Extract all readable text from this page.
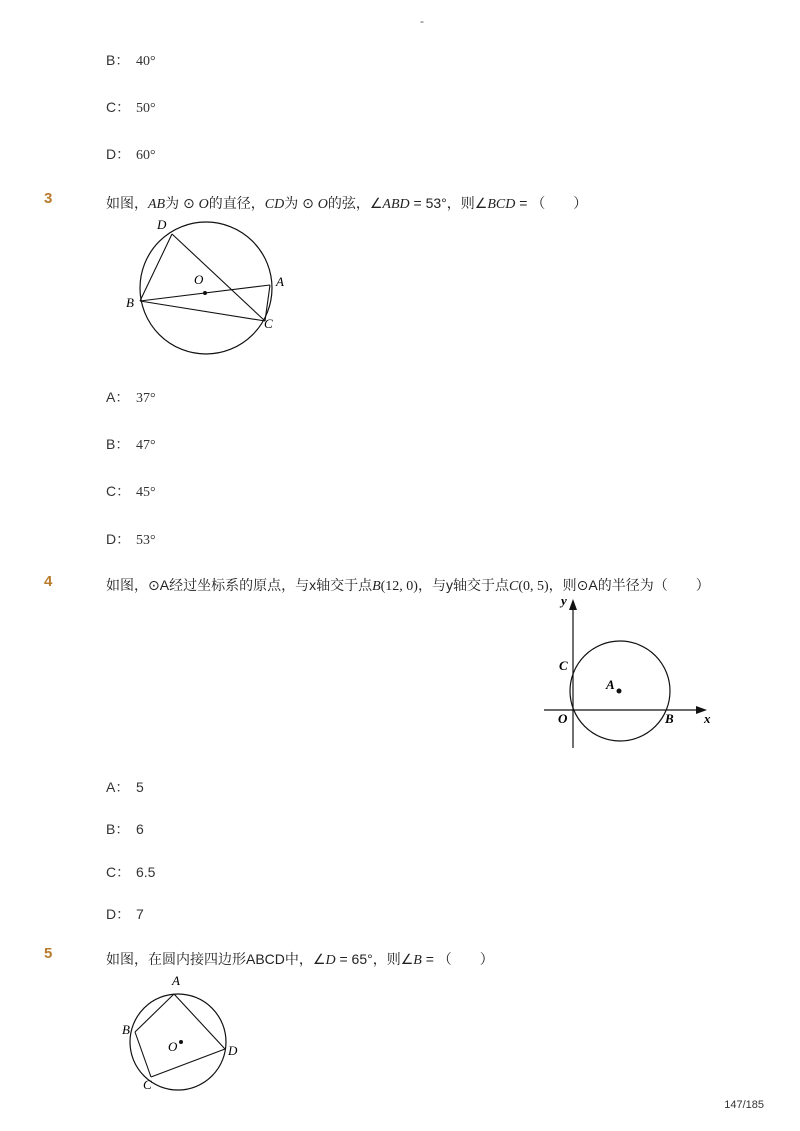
-
B： 40°
C： 50°
D： 60°
3	如图，AB为 ⊙ O的直径，CD为 ⊙ O的弦，∠ABD = 53°，则∠BCD = （　　）
D
O	A
B
C
A： 37°
B： 47°
C： 45°
D： 53°
4	如图，⊙A经过坐标系的原点，与x轴交于点B(12, 0)，与y轴交于点C(0, 5)，则⊙A的半径为（　　）
y
x
C
A
O	B
A： 5
B： 6
C： 6.5
D： 7
5	如图，在圆内接四边形ABCD中，∠D = 65°，则∠B = （　　）
A
B
O	D
C
147/185
